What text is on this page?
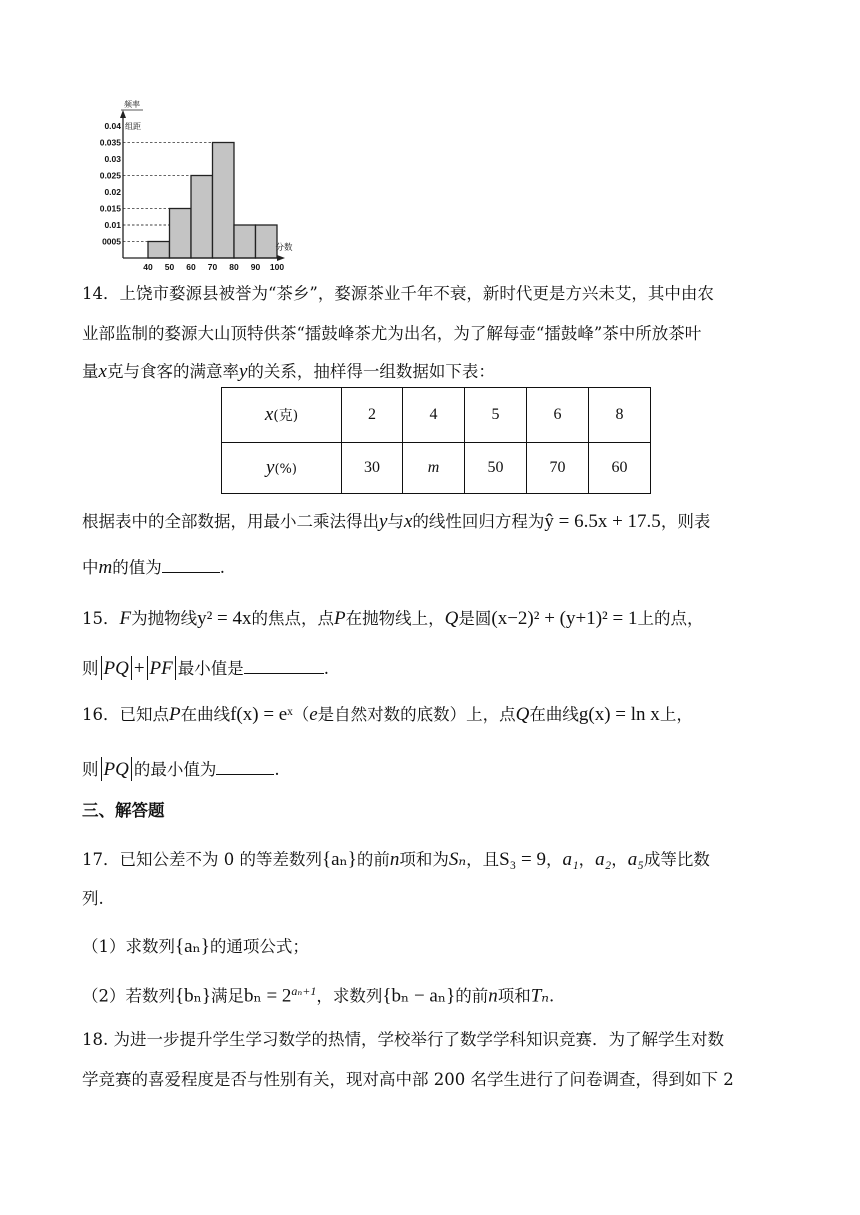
0.04
0.035
0.03
0.025
0.02
0.015
0.01
0005
40 50 60 70 80 90 100
频率
组距
分数
14．上饶市婺源县被誉为“茶乡”，婺源茶业千年不衰，新时代更是方兴未艾，其中由农
业部监制的婺源大山顶特供茶“擂鼓峰茶尤为出名，为了解每壶“擂鼓峰”茶中所放茶叶
量x克与食客的满意率y的关系，抽样得一组数据如下表：
x(克)	2	4	5	6	8
y(%)	30	m	50	70	60
根据表中的全部数据，用最小二乘法得出y与x的线性回归方程为ŷ = 6.5x + 17.5，则表
中m的值为	.
15．F为抛物线y² = 4x的焦点，点P在抛物线上，Q是圆(x−2)² + (y+1)² = 1上的点，
则 PQ + PF 最小值是	.
16．已知点P在曲线f(x) = eˣ（e是自然对数的底数）上，点Q在曲线g(x) = ln x上，
则 PQ 的最小值为	.
三、解答题
17．已知公差不为 0 的等差数列{aₙ}的前n项和为Sₙ，且S₃ = 9，a₁，a₂，a₅成等比数
列.
（1）求数列{aₙ}的通项公式；
（2）若数列{bₙ}满足$b_n = 2^{a_n+1}$，求数列{bₙ − aₙ}的前n项和Tₙ.
18. 为进一步提升学生学习数学的热情，学校举行了数学学科知识竞赛．为了解学生对数
学竞赛的喜爱程度是否与性别有关，现对高中部 200 名学生进行了问卷调查，得到如下 2
